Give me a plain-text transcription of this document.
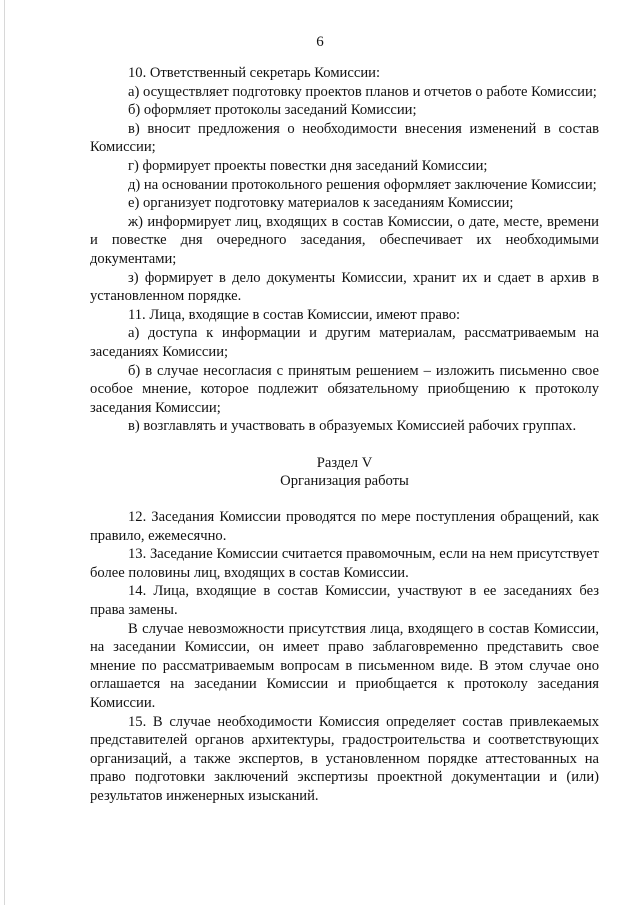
6

10. Ответственный секретарь Комиссии:

а) осуществляет подготовку проектов планов и отчетов о работе Комиссии;

б) оформляет протоколы заседаний Комиссии;

в) вносит предложения о необходимости внесения изменений в состав Комиссии;

г) формирует проекты повестки дня заседаний Комиссии;

д) на основании протокольного решения оформляет заключение Комиссии;

е) организует подготовку материалов к заседаниям Комиссии;

ж) информирует лиц, входящих в состав Комиссии, о дате, месте, времени и повестке дня очередного заседания, обеспечивает их необходимыми документами;

з) формирует в дело документы Комиссии, хранит их и сдает в архив в установленном порядке.

11. Лица, входящие в состав Комиссии, имеют право:

а) доступа к информации и другим материалам, рассматриваемым на заседаниях Комиссии;

б) в случае несогласия с принятым решением – изложить письменно свое особое мнение, которое подлежит обязательному приобщению к протоколу заседания Комиссии;

в) возглавлять и участвовать в образуемых Комиссией рабочих группах.

Раздел V

Организация работы

12. Заседания Комиссии проводятся по мере поступления обращений, как правило, ежемесячно.

13. Заседание Комиссии считается правомочным, если на нем присутствует более половины лиц, входящих в состав Комиссии.

14. Лица, входящие в состав Комиссии, участвуют в ее заседаниях без права замены.

В случае невозможности присутствия лица, входящего в состав Комиссии, на заседании Комиссии, он имеет право заблаговременно представить свое мнение по рассматриваемым вопросам в письменном виде. В этом случае оно оглашается на заседании Комиссии и приобщается к протоколу заседания Комиссии.

15. В случае необходимости Комиссия определяет состав привлекаемых представителей органов архитектуры, градостроительства и соответствующих организаций, а также экспертов, в установленном порядке аттестованных на право подготовки заключений экспертизы проектной документации и (или) результатов инженерных изысканий.
